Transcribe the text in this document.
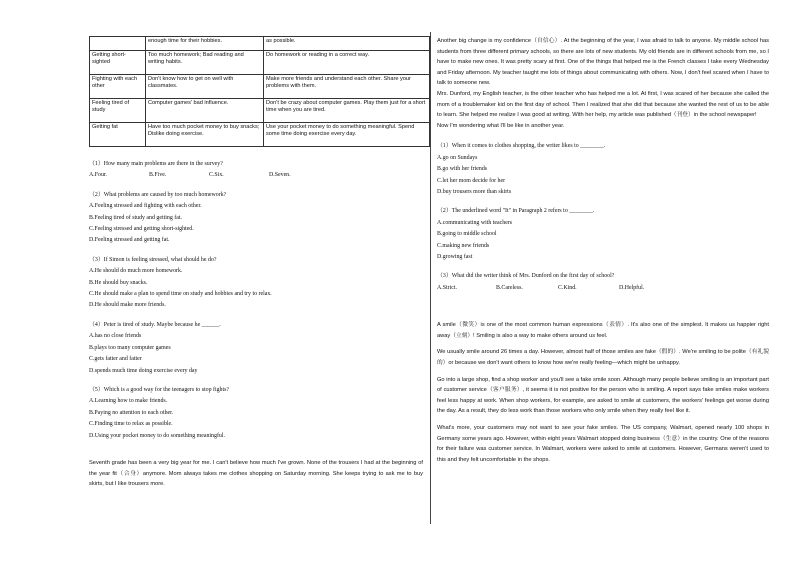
	enough time for their hobbies.	as possible.
Getting short-sighted	Too much homework; Bad reading and writing habits.	Do homework or reading in a correct way.
Fighting with each other	Don't know how to get on well with classmates.	Make more friends and understand each other. Share your problems with them.
Feeling tired of study	Computer games' bad influence.	Don't be crazy about computer games. Play them just for a short time when you are tired.
Getting fat	Have too much pocket money to buy snacks; Dislike doing exercise.	Use your pocket money to do something meaningful. Spend some time doing exercise every day.

（1）How many main problems are there in the survey?

A.Four.	B.Five.	C.Six.	D.Seven.

（2）What problems are caused by too much homework?

A.Feeling stressed and fighting with each other.

B.Feeling tired of study and getting fat.

C.Feeling stressed and getting short-sighted.

D.Feeling stressed and getting fat.

（3）If Simon is feeling stressed, what should he do?

A.He should do much more homework.

B.He should buy snacks.

C.He should make a plan to spend time on study and hobbies and try to relax.

D.He should make more friends.

（4）Peter is tired of study. Maybe because he ______.

A.has no close friends

B.plays too many computer games

C.gets fatter and fatter

D.spends much time doing exercise every day

（5）Which is a good way for the teenagers to stop fights?

A.Learning how to make friends.

B.Paying no attention to each other.

C.Finding time to relax as possible.

D.Using your pocket money to do something meaningful.

Seventh grade has been a very big year for me. I can't believe how much I've grown. None of the trousers I had at the beginning of the year fit（合身）anymore. Mom always takes me clothes shopping on Saturday morning. She keeps trying to ask me to buy skirts, but I like trousers more.

Another big change is my confidence（自信心）. At the beginning of the year, I was afraid to talk to anyone. My middle school has students from three different primary schools, so there are lots of new students. My old friends are in different schools from me, so I have to make new ones. It was pretty scary at first. One of the things that helped me is the French classes I take every Wednesday and Friday afternoon. My teacher taught me lots of things about communicating with others. Now, I don't feel scared when I have to talk to someone new.

Mrs. Dunford, my English teacher, is the other teacher who has helped me a lot. At first, I was scared of her because she called the mom of a troublemaker kid on the first day of school. Then I realized that she did that because she wanted the rest of us to be able to learn. She helped me realize I was good at writing. With her help, my article was published（刊登）in the school newspaper!

Now I'm wondering what I'll be like in another year.

（1）When it comes to clothes shopping, the writer likes to ________.

A.go on Sundays

B.go with her friends

C.let her mom decide for her

D.buy trousers more than skirts

（2）The underlined word "It" in Paragraph 2 refers to ________.

A.communicating with teachers

B.going to middle school

C.making new friends

D.growing fast

（3）What did the writer think of Mrs. Dunford on the first day of school?

A.Strict.	B.Careless.	C.Kind.	D.Helpful.

A smile（微笑）is one of the most common human expressions（表情）. It's also one of the simplest. It makes us happier right away（立刻）! Smiling is also a way to make others around us feel.

We usually smile around 26 times a day. However, almost half of those smiles are fake（假的）. We're smiling to be polite（有礼貌的）or because we don't want others to know how we're really feeling—which might be unhappy.

Go into a large shop, find a shop worker and you'll see a fake smile soon. Although many people believe smiling is an important part of customer service（客户服务）, it seems it is not positive for the person who is smiling. A report says fake smiles make workers feel less happy at work. When shop workers, for example, are asked to smile at customers, the workers' feelings get worse during the day. As a result, they do less work than those workers who only smile when they really feel like it.

What's more, your customers may not want to see your fake smiles. The US company, Walmart, opened nearly 100 shops in Germany some years ago. However, within eight years Walmart stopped doing business（生意）in the country. One of the reasons for their failure was customer service. In Walmart, workers were asked to smile at customers. However, Germans weren't used to this and they felt uncomfortable in the shops.
